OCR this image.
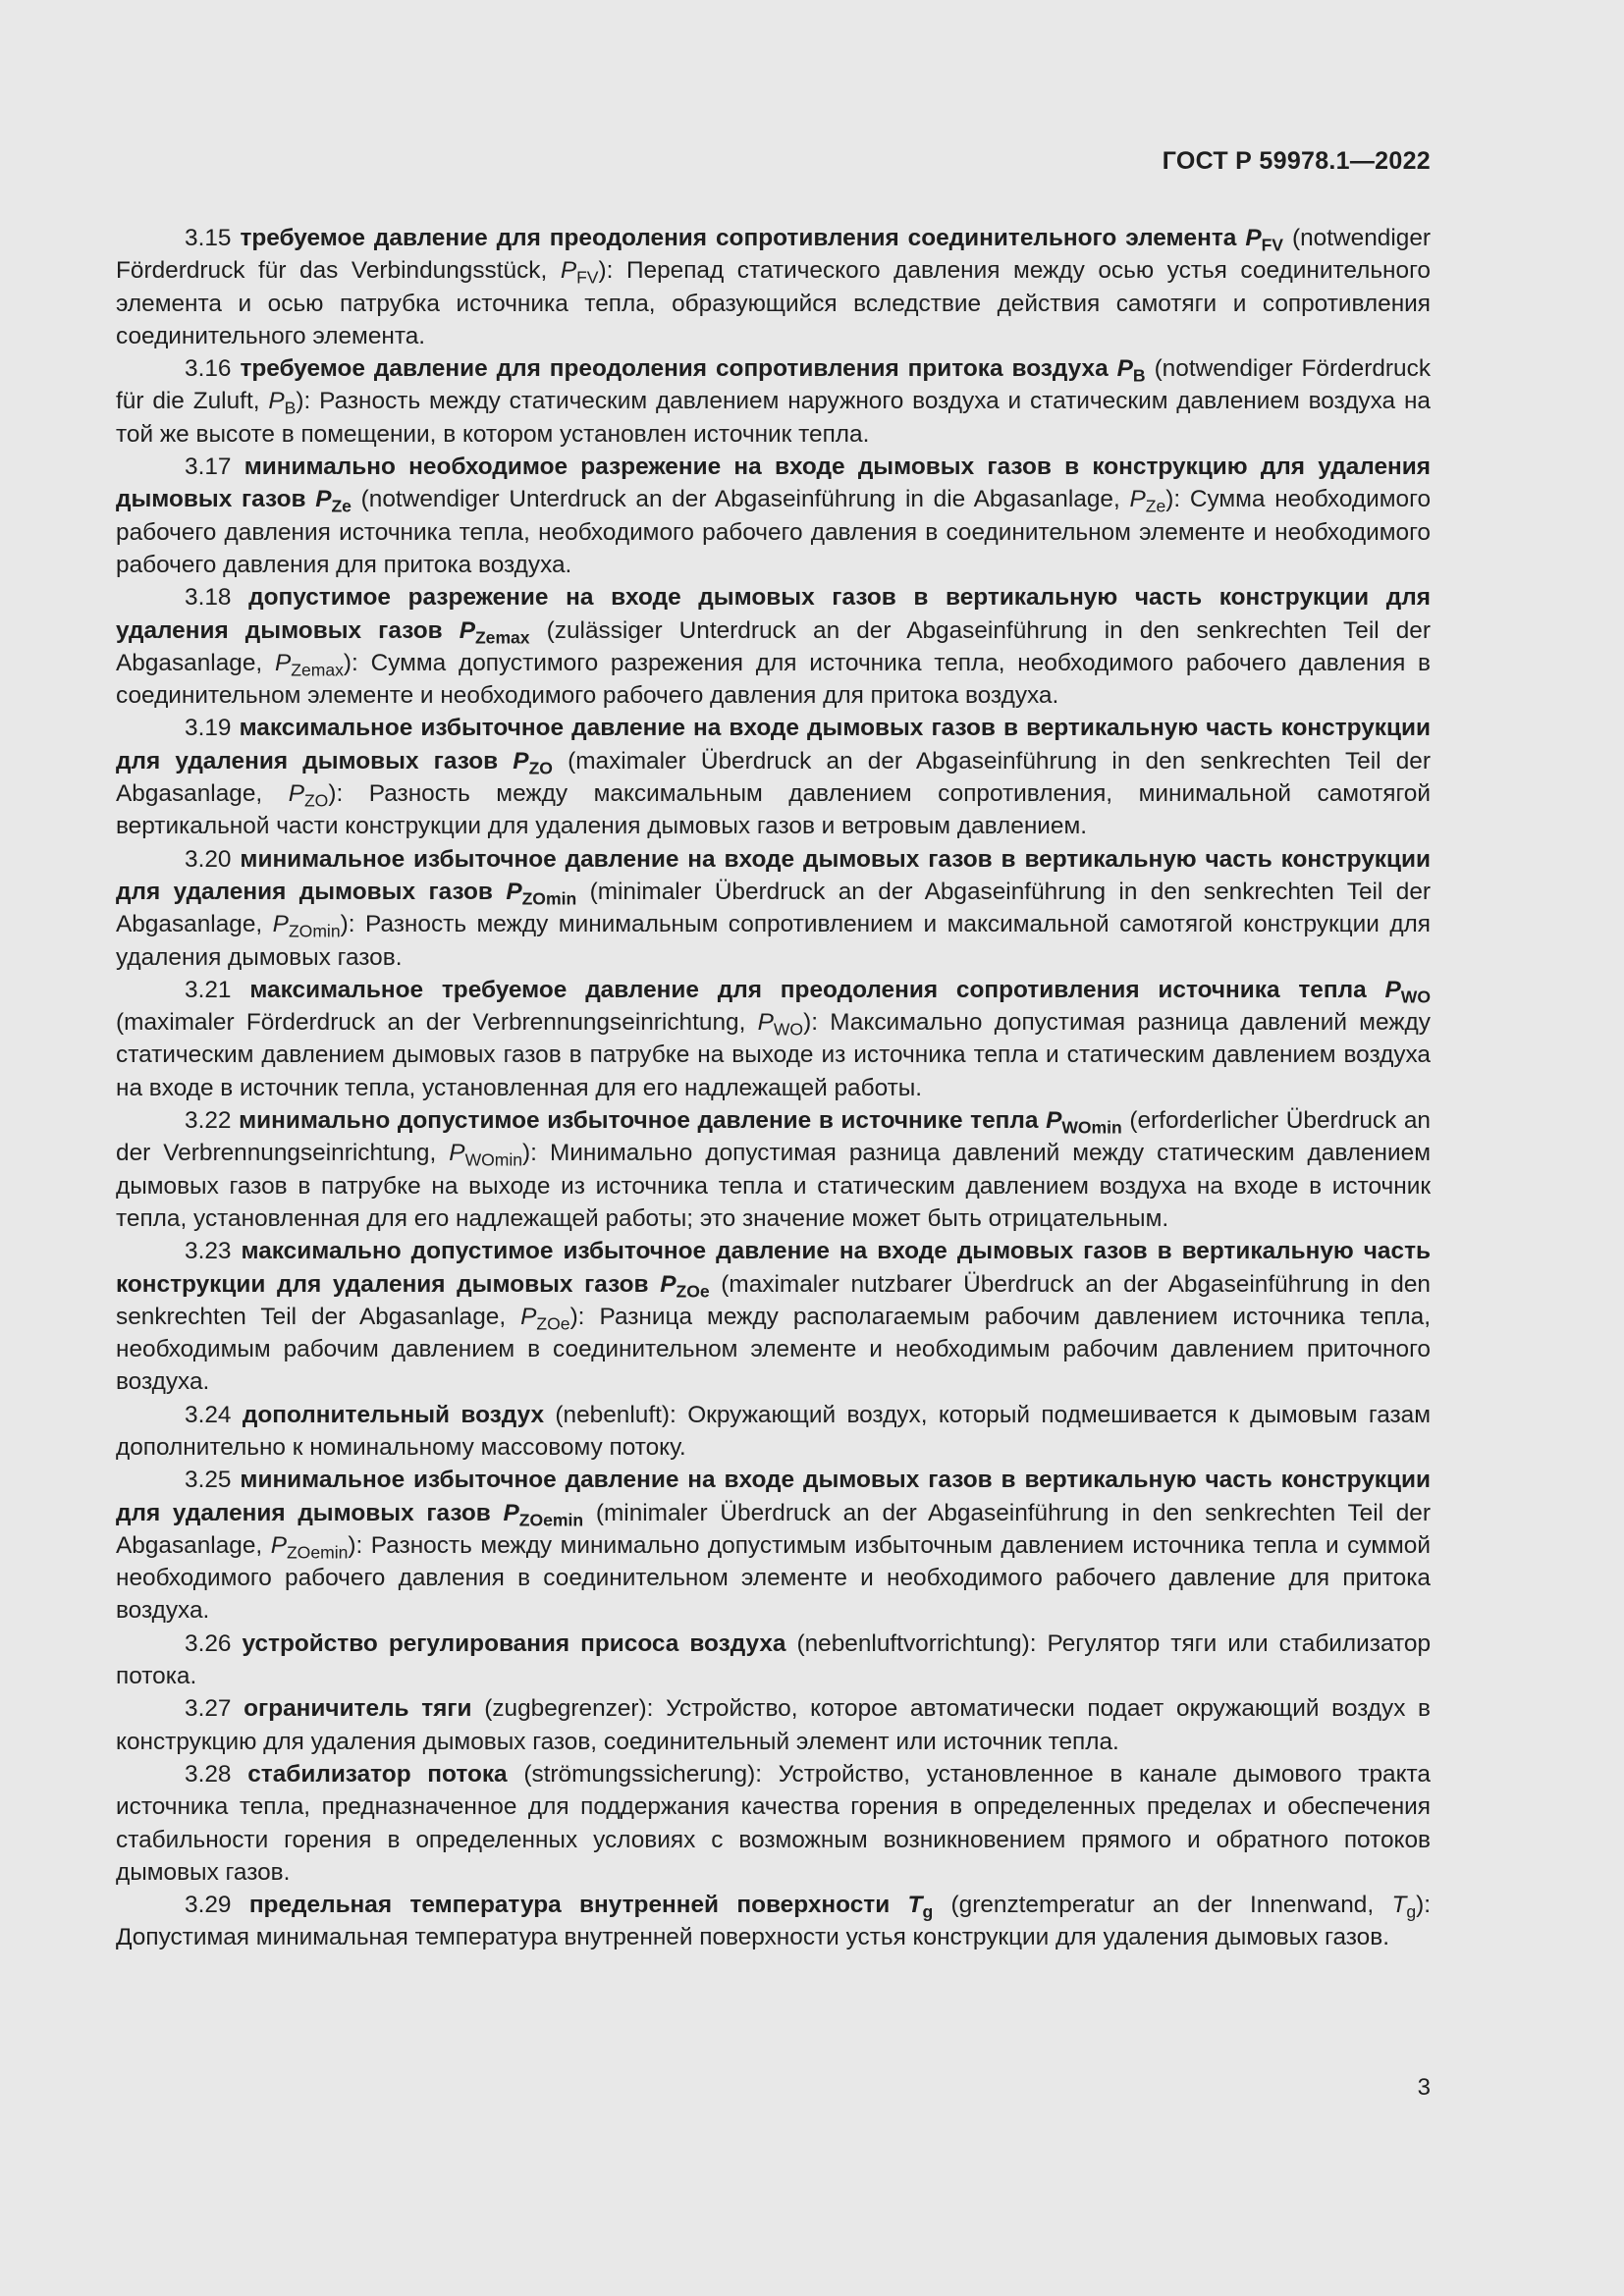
ГОСТ Р 59978.1—2022

3.15 требуемое давление для преодоления сопротивления соединительного элемента $P_{FV}$ (notwendiger Förderdruck für das Verbindungsstück, $P_{FV}$): Перепад статического давления между осью устья соединительного элемента и осью патрубка источника тепла, образующийся вследствие действия самотяги и сопротивления соединительного элемента.

3.16 требуемое давление для преодоления сопротивления притока воздуха $P_B$ (notwendiger Förderdruck für die Zuluft, $P_B$): Разность между статическим давлением наружного воздуха и статическим давлением воздуха на той же высоте в помещении, в котором установлен источник тепла.

3.17 минимально необходимое разрежение на входе дымовых газов в конструкцию для удаления дымовых газов $P_{Ze}$ (notwendiger Unterdruck an der Abgaseinführung in die Abgasanlage, $P_{Ze}$): Сумма необходимого рабочего давления источника тепла, необходимого рабочего давления в соединительном элементе и необходимого рабочего давления для притока воздуха.

3.18 допустимое разрежение на входе дымовых газов в вертикальную часть конструкции для удаления дымовых газов $P_{Zemax}$ (zulässiger Unterdruck an der Abgaseinführung in den senkrechten Teil der Abgasanlage, $P_{Zemax}$): Сумма допустимого разрежения для источника тепла, необходимого рабочего давления в соединительном элементе и необходимого рабочего давления для притока воздуха.

3.19 максимальное избыточное давление на входе дымовых газов в вертикальную часть конструкции для удаления дымовых газов $P_{ZO}$ (maximaler Überdruck an der Abgaseinführung in den senkrechten Teil der Abgasanlage, $P_{ZO}$): Разность между максимальным давлением сопротивления, минимальной самотягой вертикальной части конструкции для удаления дымовых газов и ветровым давлением.

3.20 минимальное избыточное давление на входе дымовых газов в вертикальную часть конструкции для удаления дымовых газов $P_{ZOmin}$ (minimaler Überdruck an der Abgaseinführung in den senkrechten Teil der Abgasanlage, $P_{ZOmin}$): Разность между минимальным сопротивлением и максимальной самотягой конструкции для удаления дымовых газов.

3.21 максимальное требуемое давление для преодоления сопротивления источника тепла $P_{WO}$ (maximaler Förderdruck an der Verbrennungseinrichtung, $P_{WO}$): Максимально допустимая разница давлений между статическим давлением дымовых газов в патрубке на выходе из источника тепла и статическим давлением воздуха на входе в источник тепла, установленная для его надлежащей работы.

3.22 минимально допустимое избыточное давление в источнике тепла $P_{WOmin}$ (erforderlicher Überdruck an der Verbrennungseinrichtung, $P_{WOmin}$): Минимально допустимая разница давлений между статическим давлением дымовых газов в патрубке на выходе из источника тепла и статическим давлением воздуха на входе в источник тепла, установленная для его надлежащей работы; это значение может быть отрицательным.

3.23 максимально допустимое избыточное давление на входе дымовых газов в вертикальную часть конструкции для удаления дымовых газов $P_{ZOe}$ (maximaler nutzbarer Überdruck an der Abgaseinführung in den senkrechten Teil der Abgasanlage, $P_{ZOe}$): Разница между располагаемым рабочим давлением источника тепла, необходимым рабочим давлением в соединительном элементе и необходимым рабочим давлением приточного воздуха.

3.24 дополнительный воздух (nebenluft): Окружающий воздух, который подмешивается к дымовым газам дополнительно к номинальному массовому потоку.

3.25 минимальное избыточное давление на входе дымовых газов в вертикальную часть конструкции для удаления дымовых газов $P_{ZOemin}$ (minimaler Überdruck an der Abgaseinführung in den senkrechten Teil der Abgasanlage, $P_{ZOemin}$): Разность между минимально допустимым избыточным давлением источника тепла и суммой необходимого рабочего давления в соединительном элементе и необходимого рабочего давление для притока воздуха.

3.26 устройство регулирования присоса воздуха (nebenluftvorrichtung): Регулятор тяги или стабилизатор потока.

3.27 ограничитель тяги (zugbegrenzer): Устройство, которое автоматически подает окружающий воздух в конструкцию для удаления дымовых газов, соединительный элемент или источник тепла.

3.28 стабилизатор потока (strömungssicherung): Устройство, установленное в канале дымового тракта источника тепла, предназначенное для поддержания качества горения в определенных пределах и обеспечения стабильности горения в определенных условиях с возможным возникновением прямого и обратного потоков дымовых газов.

3.29 предельная температура внутренней поверхности $T_g$ (grenztemperatur an der Innenwand, $T_g$): Допустимая минимальная температура внутренней поверхности устья конструкции для удаления дымовых газов.

3
